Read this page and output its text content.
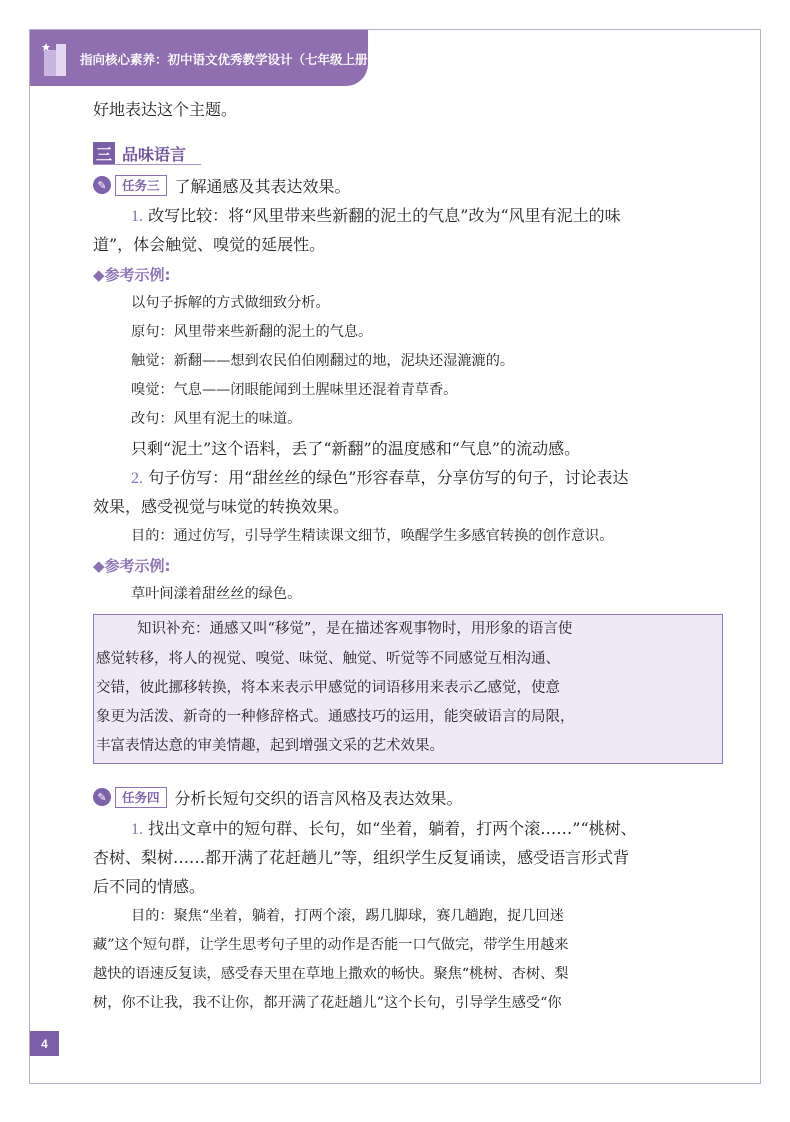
指向核心素养：初中语文优秀教学设计（七年级上册）
好地表达这个主题。
三 品味语言
✎	任务三 了解通感及其表达效果。
1. 改写比较：将“风里带来些新翻的泥土的气息”改为“风里有泥土的味
道”，体会触觉、嗅觉的延展性。
◆参考示例:
以句子拆解的方式做细致分析。
原句：风里带来些新翻的泥土的气息。
触觉：新翻——想到农民伯伯刚翻过的地，泥块还湿漉漉的。
嗅觉：气息——闭眼能闻到土腥味里还混着青草香。
改句：风里有泥土的味道。
只剩“泥土”这个语料，丢了“新翻”的温度感和“气息”的流动感。
2. 句子仿写：用“甜丝丝的绿色”形容春草，分享仿写的句子，讨论表达
效果，感受视觉与味觉的转换效果。
目的：通过仿写，引导学生精读课文细节，唤醒学生多感官转换的创作意识。
◆参考示例:
草叶间漾着甜丝丝的绿色。
知识补充：通感又叫“移觉”，是在描述客观事物时，用形象的语言使
感觉转移，将人的视觉、嗅觉、味觉、触觉、听觉等不同感觉互相沟通、
交错，彼此挪移转换，将本来表示甲感觉的词语移用来表示乙感觉，使意
象更为活泼、新奇的一种修辞格式。通感技巧的运用，能突破语言的局限，
丰富表情达意的审美情趣，起到增强文采的艺术效果。
✎	任务四 分析长短句交织的语言风格及表达效果。
1. 找出文章中的短句群、长句，如“坐着，躺着，打两个滚……”“桃树、
杏树、梨树……都开满了花赶趟儿”等，组织学生反复诵读，感受语言形式背
后不同的情感。
目的：聚焦“坐着，躺着，打两个滚，踢几脚球，赛几趟跑，捉几回迷
藏”这个短句群，让学生思考句子里的动作是否能一口气做完，带学生用越来
越快的语速反复读，感受春天里在草地上撒欢的畅快。聚焦“桃树、杏树、梨
树，你不让我，我不让你，都开满了花赶趟儿”这个长句，引导学生感受“你
4
